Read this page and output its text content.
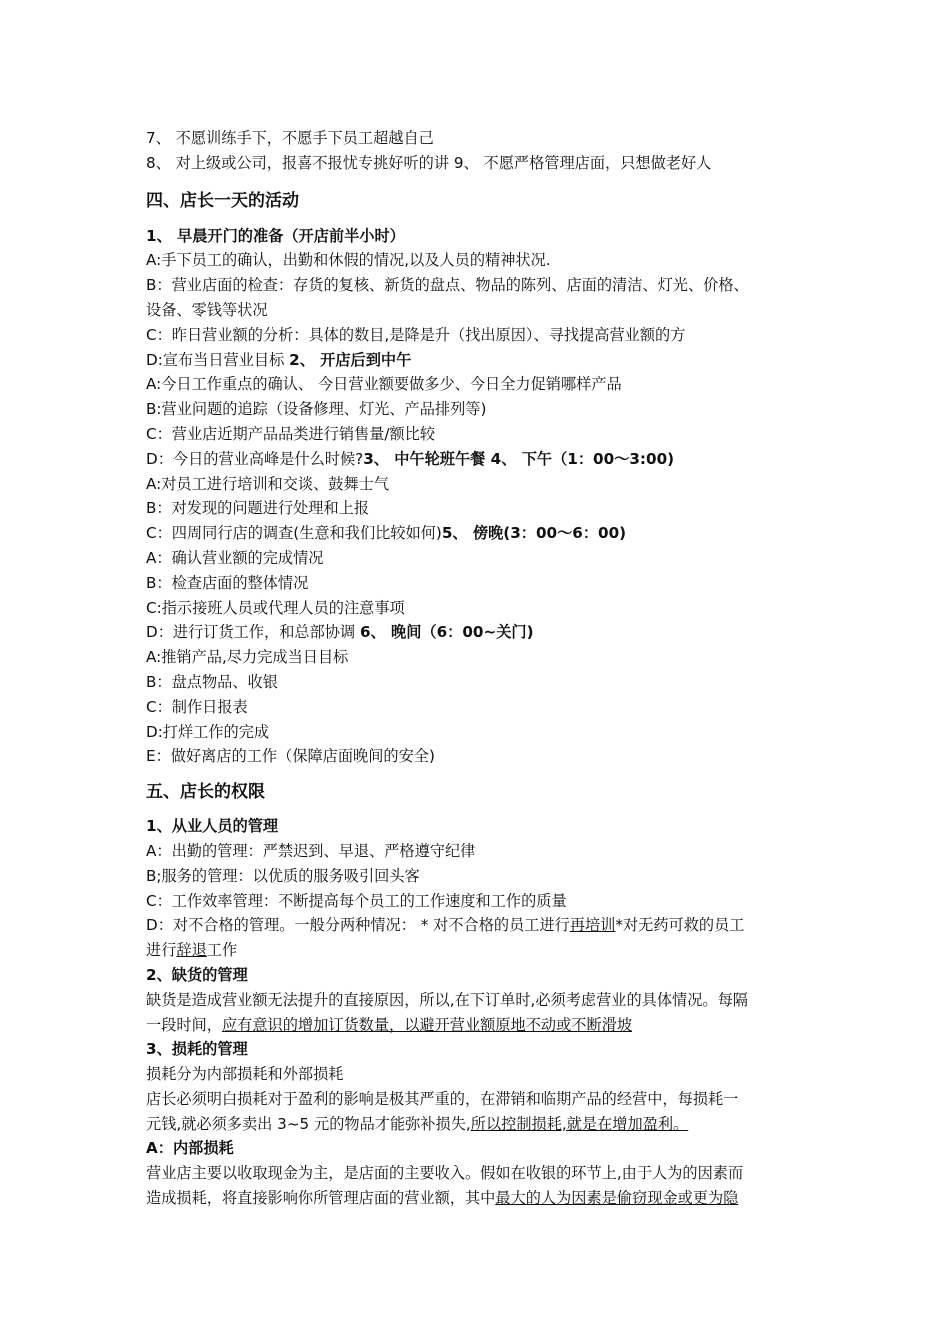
7、 不愿训练手下，不愿手下员工超越自己
8、 对上级或公司，报喜不报忧专挑好听的讲 9、 不愿严格管理店面，只想做老好人
四、店长一天的活动
1、 早晨开门的准备（开店前半小时）
A:手下员工的确认，出勤和休假的情况,以及人员的精神状况.
B：营业店面的检查：存货的复核、新货的盘点、物品的陈列、店面的清洁、灯光、价格、
设备、零钱等状况
C：昨日营业额的分析：具体的数目,是降是升（找出原因）、寻找提高营业额的方
D:宣布当日营业目标 2、 开店后到中午
A:今日工作重点的确认、 今日营业额要做多少、今日全力促销哪样产品
B:营业问题的追踪（设备修理、灯光、产品排列等)
C：营业店近期产品品类进行销售量/额比较
D：今日的营业高峰是什么时候?3、 中午轮班午餐 4、 下午（1：00～3:00)
A:对员工进行培训和交谈、鼓舞士气
B：对发现的问题进行处理和上报
C：四周同行店的调查(生意和我们比较如何)5、 傍晚(3：00～6：00)
A：确认营业额的完成情况
B：检查店面的整体情况
C:指示接班人员或代理人员的注意事项
D：进行订货工作，和总部协调 6、 晚间（6：00~关门)
A:推销产品,尽力完成当日目标
B：盘点物品、收银
C：制作日报表
D:打烊工作的完成
E：做好离店的工作（保障店面晚间的安全)
五、店长的权限
1、从业人员的管理
A：出勤的管理：严禁迟到、早退、严格遵守纪律
B;服务的管理：以优质的服务吸引回头客
C：工作效率管理：不断提高每个员工的工作速度和工作的质量
D：对不合格的管理。一般分两种情况： * 对不合格的员工进行再培训*对无药可救的员工
进行辞退工作
2、缺货的管理
缺货是造成营业额无法提升的直接原因，所以,在下订单时,必须考虑营业的具体情况。每隔
一段时间，应有意识的增加订货数量，以避开营业额原地不动或不断滑坡
3、损耗的管理
损耗分为内部损耗和外部损耗
店长必须明白损耗对于盈利的影响是极其严重的，在滞销和临期产品的经营中，每损耗一
元钱,就必须多卖出 3~5 元的物品才能弥补损失,所以控制损耗,就是在增加盈利。
A：内部损耗
营业店主要以收取现金为主，是店面的主要收入。假如在收银的环节上,由于人为的因素而
造成损耗，将直接影响你所管理店面的营业额，其中最大的人为因素是偷窃现金或更为隐
